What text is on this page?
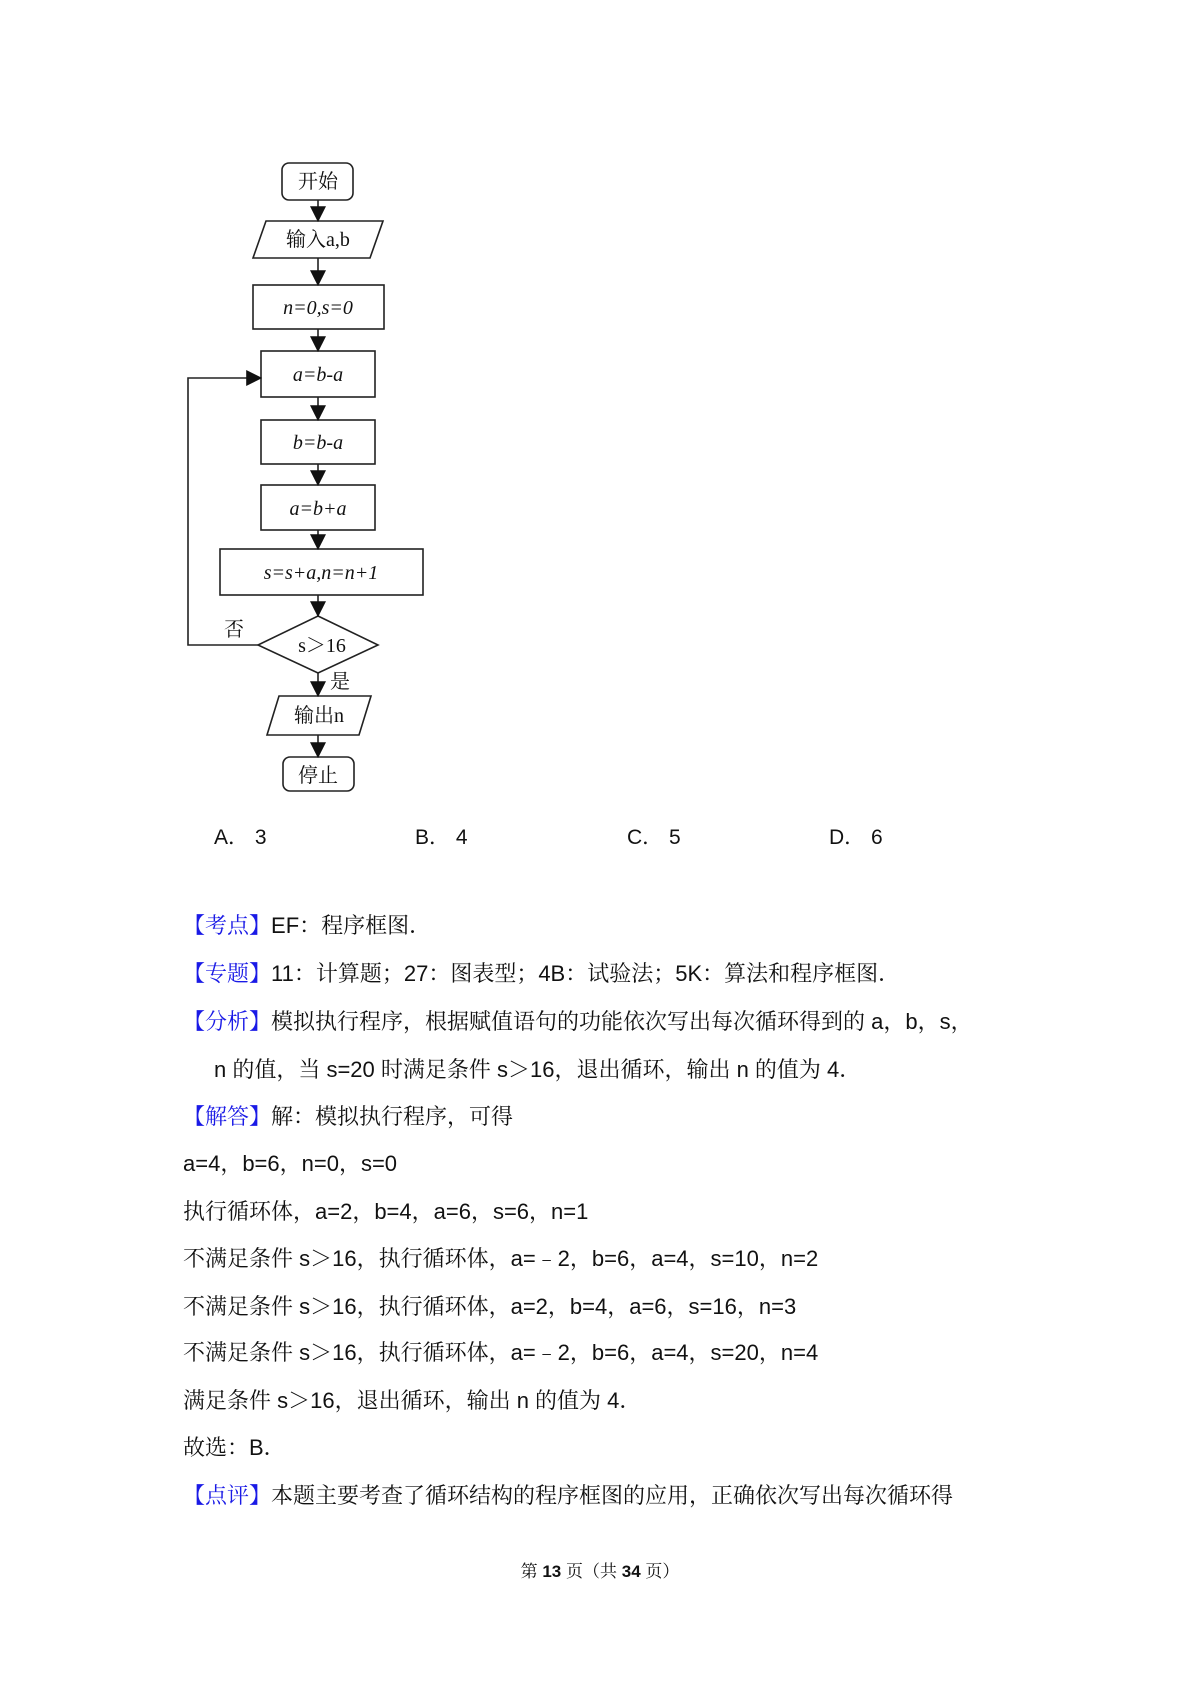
开始
输入a,b
n=0,s=0
a=b-a
b=b-a
a=b+a
s=s+a,n=n+1
s＞16
否
是
输出n
停止
A． 3	B． 4	C． 5	D． 6
【考点】EF：程序框图．
【专题】11：计算题；27：图表型；4B：试验法；5K：算法和程序框图．
【分析】模拟执行程序，根据赋值语句的功能依次写出每次循环得到的 a，b，s，
n 的值，当 s=20 时满足条件 s＞16，退出循环，输出 n 的值为 4．
【解答】解：模拟执行程序，可得
a=4，b=6，n=0，s=0
执行循环体，a=2，b=4，a=6，s=6，n=1
不满足条件 s＞16，执行循环体，a=﹣2，b=6，a=4，s=10，n=2
不满足条件 s＞16，执行循环体，a=2，b=4，a=6，s=16，n=3
不满足条件 s＞16，执行循环体，a=﹣2，b=6，a=4，s=20，n=4
满足条件 s＞16，退出循环，输出 n 的值为 4．
故选：B．
【点评】本题主要考查了循环结构的程序框图的应用，正确依次写出每次循环得
第 13 页（共 34 页）
